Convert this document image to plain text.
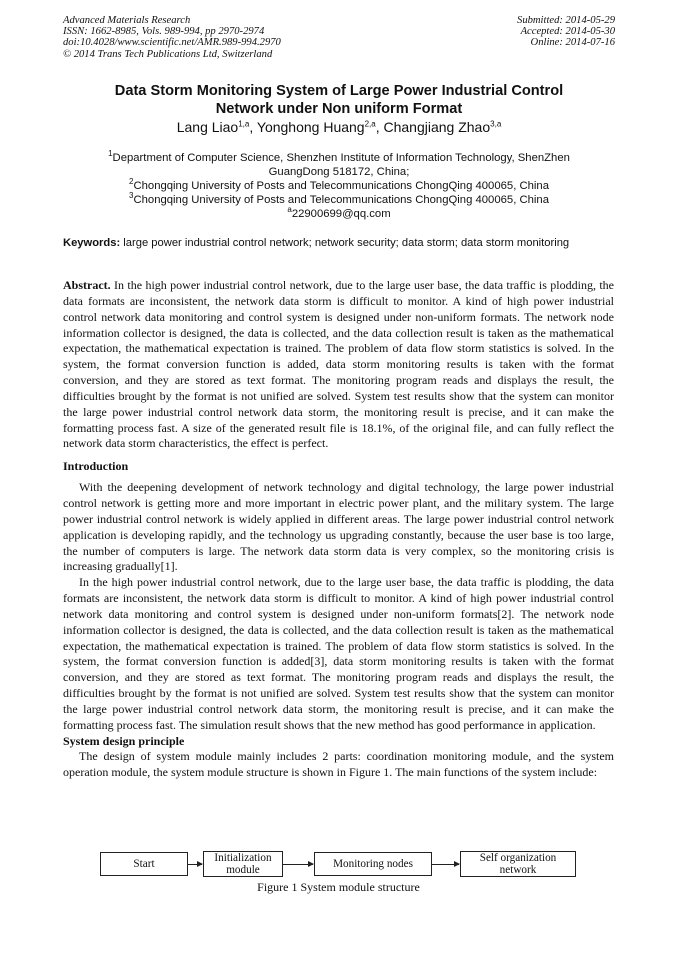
Advanced Materials Research
ISSN: 1662-8985, Vols. 989-994, pp 2970-2974
doi:10.4028/www.scientific.net/AMR.989-994.2970
© 2014 Trans Tech Publications Ltd, Switzerland
Submitted: 2014-05-29
Accepted: 2014-05-30
Online: 2014-07-16
Data Storm Monitoring System of Large Power Industrial Control
Network under Non uniform Format
Lang Liao$^{1,a}$, Yonghong Huang$^{2,a}$, Changjiang Zhao$^{3,a}$
$^1$Department of Computer Science, Shenzhen Institute of Information Technology, ShenZhen
GuangDong 518172, China;
$^2$Chongqing University of Posts and Telecommunications ChongQing 400065, China
$^3$Chongqing University of Posts and Telecommunications ChongQing 400065, China
$^a$22900699@qq.com
Keywords: large power industrial control network; network security; data storm; data storm monitoring

Abstract. In the high power industrial control network, due to the large user base, the data traffic is plodding, the data formats are inconsistent, the network data storm is difficult to monitor. A kind of high power industrial control network data monitoring and control system is designed under non-uniform formats. The network node information collector is designed, the data is collected, and the data collection result is taken as the mathematical expectation, the mathematical expectation is trained. The problem of data flow storm statistics is solved. In the system, the format conversion function is added, data storm monitoring results is taken with the format conversion, and they are stored as text format. The monitoring program reads and displays the result, the difficulties brought by the format is not unified are solved. System test results show that the system can monitor the large power industrial control network data storm, the monitoring result is precise, and it can make the formatting process fast. A size of the generated result file is 18.1%, of the original file, and can fully reflect the network data storm characteristics, the effect is perfect.

Introduction

With the deepening development of network technology and digital technology, the large power industrial control network is getting more and more important in electric power plant, and the military system. The large power industrial control network is widely applied in different areas. The large power industrial control network application is developing rapidly, and the technology us upgrading constantly, because the user base is too large, the number of computers is large. The network data storm data is very complex, so the monitoring crisis is increasing gradually[1].

In the high power industrial control network, due to the large user base, the data traffic is plodding, the data formats are inconsistent, the network data storm is difficult to monitor. A kind of high power industrial control network data monitoring and control system is designed under non-uniform formats[2]. The network node information collector is designed, the data is collected, and the data collection result is taken as the mathematical expectation, the mathematical expectation is trained. The problem of data flow storm statistics is solved. In the system, the format conversion function is added[3], data storm monitoring results is taken with the format conversion, and they are stored as text format. The monitoring program reads and displays the result, the difficulties brought by the format is not unified are solved. System test results show that the system can monitor the large power industrial control network data storm, the monitoring result is precise, and it can make the formatting process fast. The simulation result shows that the new method has good performance in application.

System design principle

The design of system module mainly includes 2 parts: coordination monitoring module, and the system operation module, the system module structure is shown in Figure 1. The main functions of the system include:

Start	Initialization module	Monitoring nodes	Self organization network
Figure 1 System module structure
